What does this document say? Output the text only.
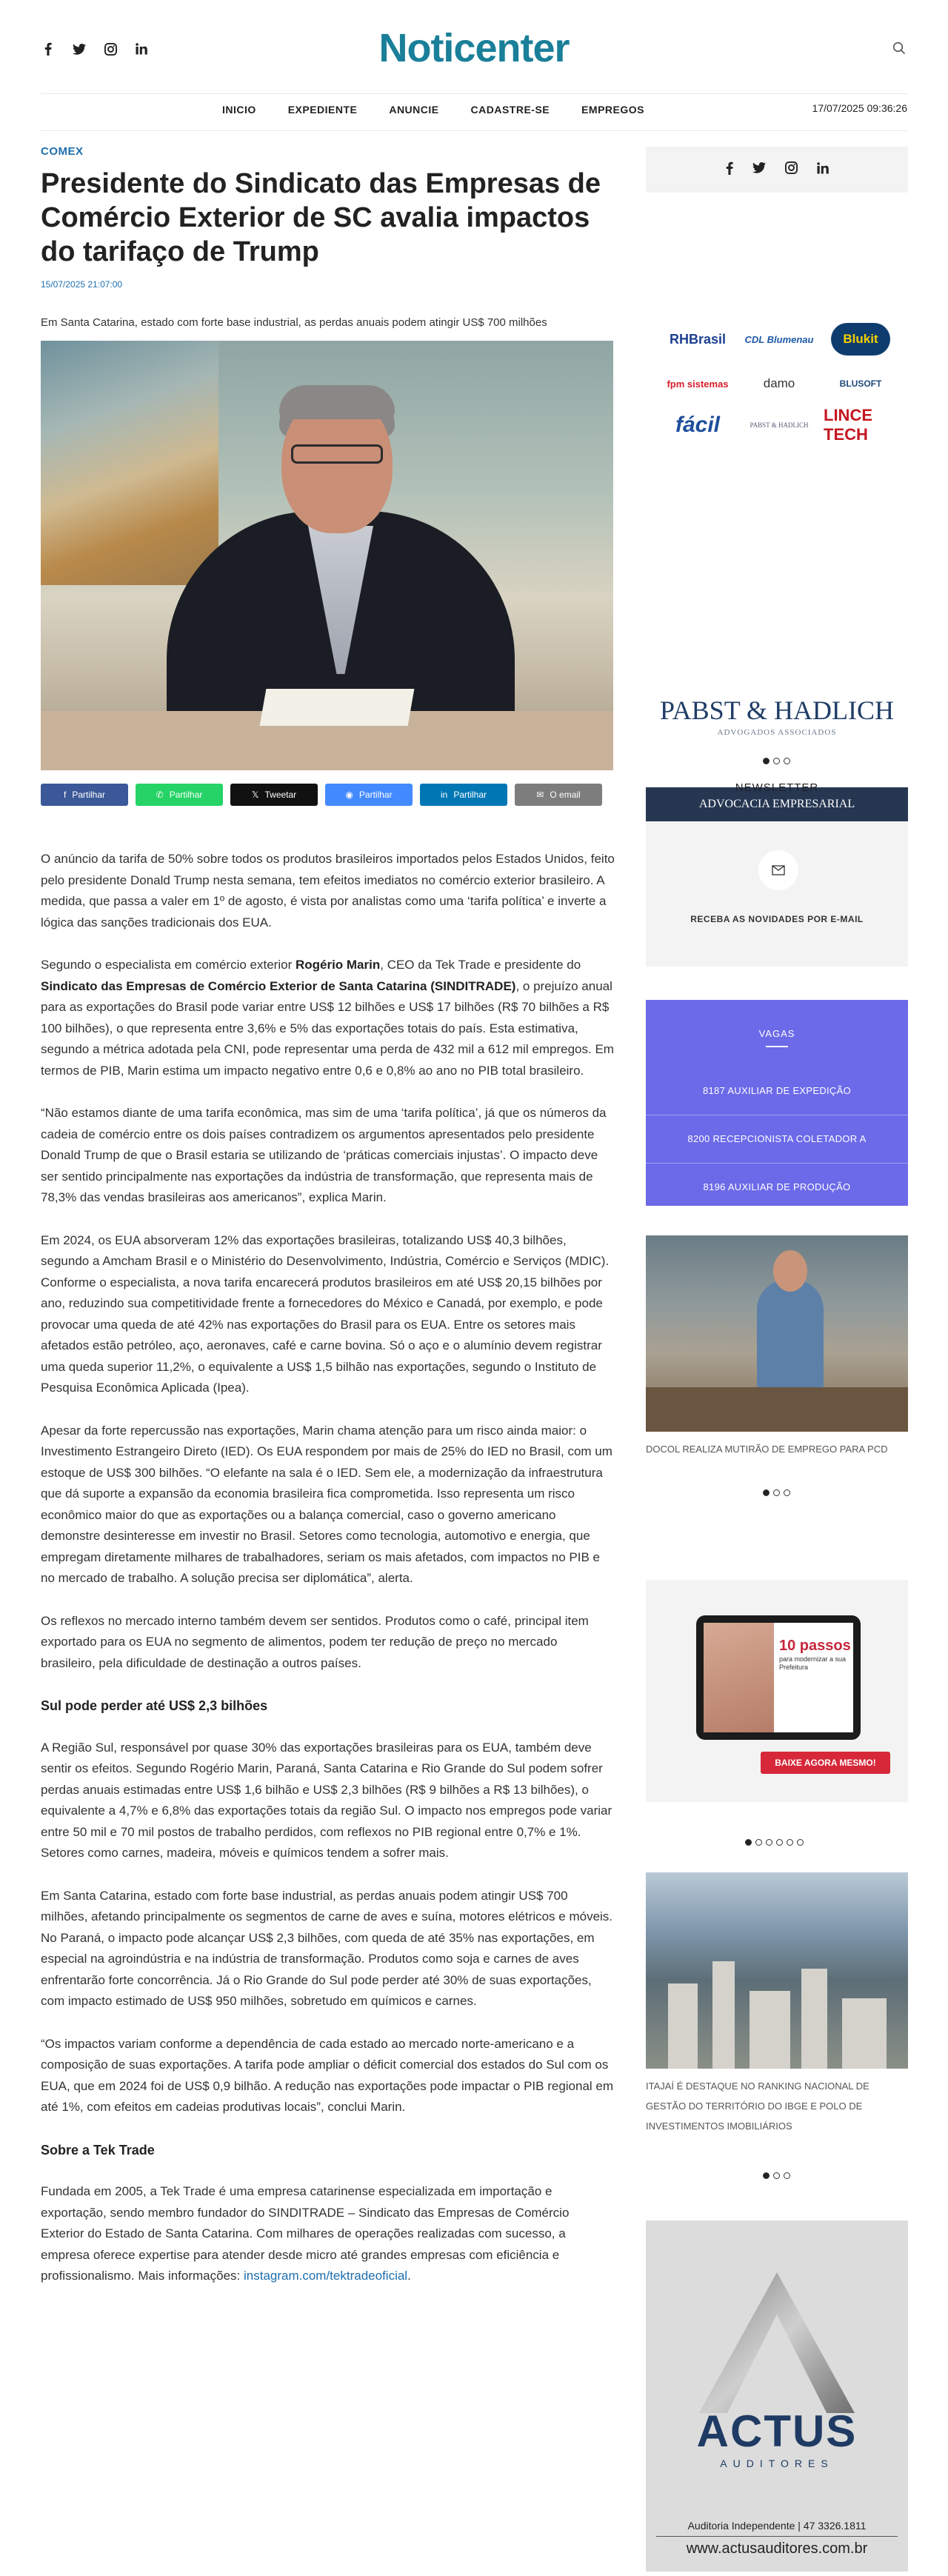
Noticenter
INICIO	EXPEDIENTE	ANUNCIE	CADASTRE-SE	EMPREGOS	17/07/2025 09:36:26
COMEX
Presidente do Sindicato das Empresas de Comércio Exterior de SC avalia impactos do tarifaço de Trump
15/07/2025 21:07:00
Em Santa Catarina, estado com forte base industrial, as perdas anuais podem atingir US$ 700 milhões
f Partilhar	✆ Partilhar	𝕏 Tweetar	◉ Partilhar	in Partilhar	✉ O email

O anúncio da tarifa de 50% sobre todos os produtos brasileiros importados pelos Estados Unidos, feito pelo presidente Donald Trump nesta semana, tem efeitos imediatos no comércio exterior brasileiro. A medida, que passa a valer em 1º de agosto, é vista por analistas como uma ‘tarifa política’ e inverte a lógica das sanções tradicionais dos EUA.

Segundo o especialista em comércio exterior Rogério Marin, CEO da Tek Trade e presidente do Sindicato das Empresas de Comércio Exterior de Santa Catarina (SINDITRADE), o prejuízo anual para as exportações do Brasil pode variar entre US$ 12 bilhões e US$ 17 bilhões (R$ 70 bilhões a R$ 100 bilhões), o que representa entre 3,6% e 5% das exportações totais do país. Esta estimativa, segundo a métrica adotada pela CNI, pode representar uma perda de 432 mil a 612 mil empregos. Em termos de PIB, Marin estima um impacto negativo entre 0,6 e 0,8% ao ano no PIB total brasileiro.

“Não estamos diante de uma tarifa econômica, mas sim de uma ‘tarifa política’, já que os números da cadeia de comércio entre os dois países contradizem os argumentos apresentados pelo presidente Donald Trump de que o Brasil estaria se utilizando de ‘práticas comerciais injustas’. O impacto deve ser sentido principalmente nas exportações da indústria de transformação, que representa mais de 78,3% das vendas brasileiras aos americanos”, explica Marin.

Em 2024, os EUA absorveram 12% das exportações brasileiras, totalizando US$ 40,3 bilhões, segundo a Amcham Brasil e o Ministério do Desenvolvimento, Indústria, Comércio e Serviços (MDIC). Conforme o especialista, a nova tarifa encarecerá produtos brasileiros em até US$ 20,15 bilhões por ano, reduzindo sua competitividade frente a fornecedores do México e Canadá, por exemplo, e pode provocar uma queda de até 42% nas exportações do Brasil para os EUA. Entre os setores mais afetados estão petróleo, aço, aeronaves, café e carne bovina. Só o aço e o alumínio devem registrar uma queda superior 11,2%, o equivalente a US$ 1,5 bilhão nas exportações, segundo o Instituto de Pesquisa Econômica Aplicada (Ipea).

Apesar da forte repercussão nas exportações, Marin chama atenção para um risco ainda maior: o Investimento Estrangeiro Direto (IED). Os EUA respondem por mais de 25% do IED no Brasil, com um estoque de US$ 300 bilhões. “O elefante na sala é o IED. Sem ele, a modernização da infraestrutura que dá suporte a expansão da economia brasileira fica comprometida. Isso representa um risco econômico maior do que as exportações ou a balança comercial, caso o governo americano demonstre desinteresse em investir no Brasil. Setores como tecnologia, automotivo e energia, que empregam diretamente milhares de trabalhadores, seriam os mais afetados, com impactos no PIB e no mercado de trabalho. A solução precisa ser diplomática”, alerta.

Os reflexos no mercado interno também devem ser sentidos. Produtos como o café, principal item exportado para os EUA no segmento de alimentos, podem ter redução de preço no mercado brasileiro, pela dificuldade de destinação a outros países.

Sul pode perder até US$ 2,3 bilhões

A Região Sul, responsável por quase 30% das exportações brasileiras para os EUA, também deve sentir os efeitos. Segundo Rogério Marin, Paraná, Santa Catarina e Rio Grande do Sul podem sofrer perdas anuais estimadas entre US$ 1,6 bilhão e US$ 2,3 bilhões (R$ 9 bilhões a R$ 13 bilhões), o equivalente a 4,7% e 6,8% das exportações totais da região Sul. O impacto nos empregos pode variar entre 50 mil e 70 mil postos de trabalho perdidos, com reflexos no PIB regional entre 0,7% e 1%. Setores como carnes, madeira, móveis e químicos tendem a sofrer mais.

Em Santa Catarina, estado com forte base industrial, as perdas anuais podem atingir US$ 700 milhões, afetando principalmente os segmentos de carne de aves e suína, motores elétricos e móveis. No Paraná, o impacto pode alcançar US$ 2,3 bilhões, com queda de até 35% nas exportações, em especial na agroindústria e na indústria de transformação. Produtos como soja e carnes de aves enfrentarão forte concorrência. Já o Rio Grande do Sul pode perder até 30% de suas exportações, com impacto estimado de US$ 950 milhões, sobretudo em químicos e carnes.

“Os impactos variam conforme a dependência de cada estado ao mercado norte-americano e a composição de suas exportações. A tarifa pode ampliar o déficit comercial dos estados do Sul com os EUA, que em 2024 foi de US$ 0,9 bilhão. A redução nas exportações pode impactar o PIB regional em até 1%, com efeitos em cadeias produtivas locais”, conclui Marin.

Sobre a Tek Trade

Fundada em 2005, a Tek Trade é uma empresa catarinense especializada em importação e exportação, sendo membro fundador do SINDITRADE – Sindicato das Empresas de Comércio Exterior do Estado de Santa Catarina. Com milhares de operações realizadas com sucesso, a empresa oferece expertise para atender desde micro até grandes empresas com eficiência e profissionalismo. Mais informações: instagram.com/tektradeoficial.

RHBrasil	CDL Blumenau	Blukit
fpm sistemas	damo	BLUSOFT
fácil	PABST & HADLICH
LINCE TECH
PABST & HADLICH
ADVOGADOS ASSOCIADOS
ADVOCACIA EMPRESARIAL
NEWSLETTER
RECEBA AS NOVIDADES POR E-MAIL
VAGAS
8187 AUXILIAR DE EXPEDIÇÃO
8200 RECEPCIONISTA COLETADOR A
8196 AUXILIAR DE PRODUÇÃO
DOCOL REALIZA MUTIRÃO DE EMPREGO PARA PCD
10 passos
para modernizar a sua Prefeitura
BAIXE AGORA MESMO!
ITAJAÍ É DESTAQUE NO RANKING NACIONAL DE GESTÃO DO TERRITÓRIO DO IBGE E POLO DE INVESTIMENTOS IMOBILIÁRIOS
ACTUS
AUDITORES
Auditoria Independente | 47 3326.1811
www.actusauditores.com.br
